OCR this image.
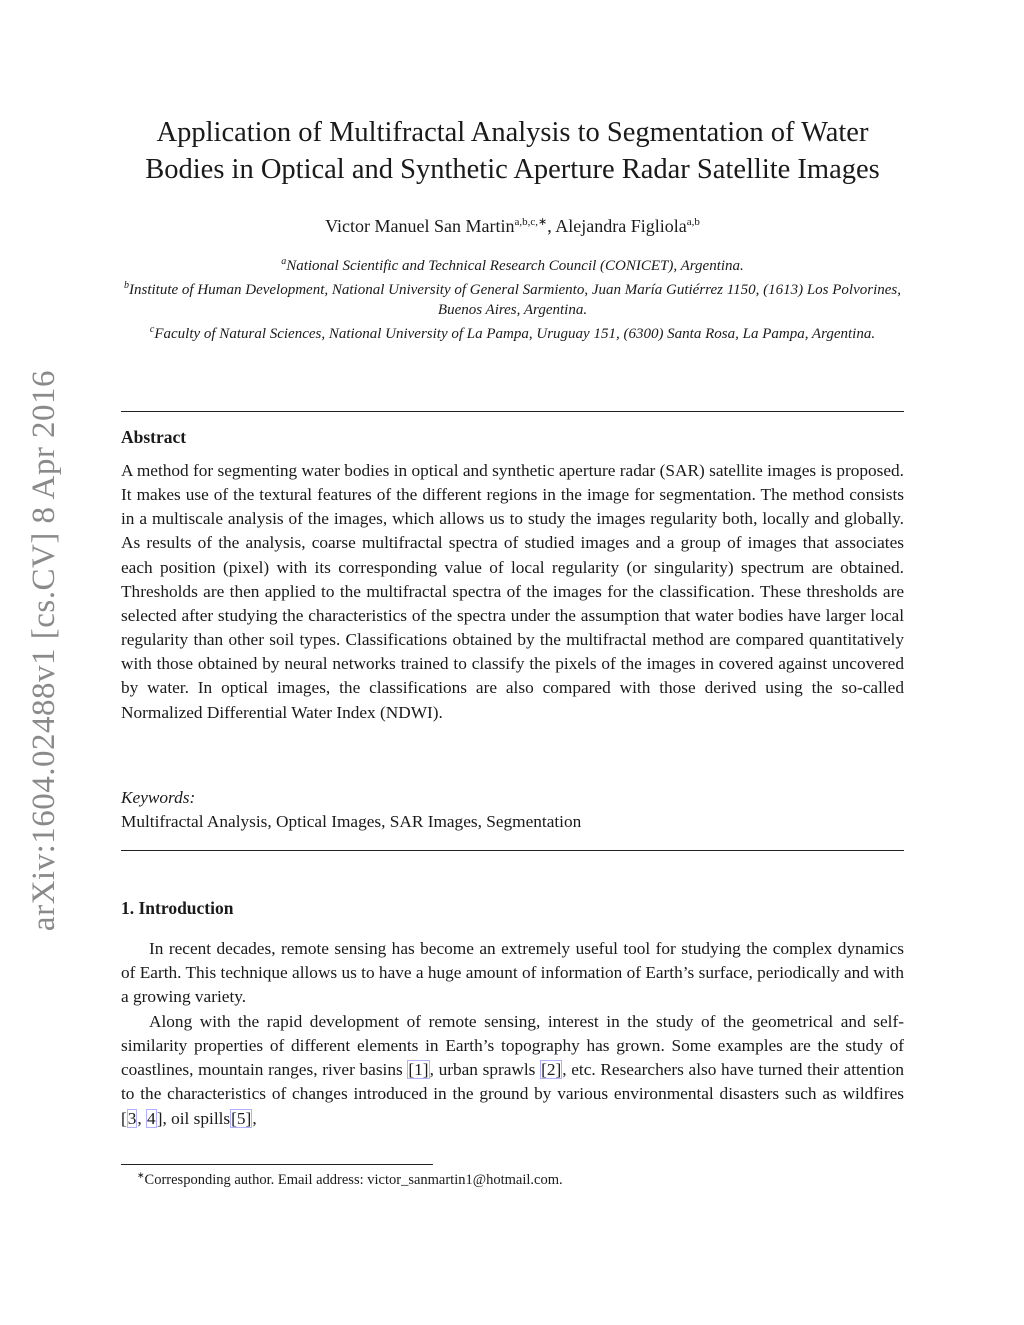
arXiv:1604.02488v1 [cs.CV] 8 Apr 2016
Application of Multifractal Analysis to Segmentation of Water
Bodies in Optical and Synthetic Aperture Radar Satellite Images
Victor Manuel San Martin$^{a,b,c,∗}$, Alejandra Figliola$^{a,b}$
$^a$National Scientific and Technical Research Council (CONICET), Argentina.
$^b$Institute of Human Development, National University of General Sarmiento, Juan María Gutiérrez 1150, (1613) Los Polvorines, Buenos Aires, Argentina.
$^c$Faculty of Natural Sciences, National University of La Pampa, Uruguay 151, (6300) Santa Rosa, La Pampa, Argentina.
Abstract
A method for segmenting water bodies in optical and synthetic aperture radar (SAR) satellite images is proposed. It makes use of the textural features of the different regions in the image for segmentation. The method consists in a multiscale analysis of the images, which allows us to study the images regularity both, locally and globally. As results of the analysis, coarse multifractal spectra of studied images and a group of images that associates each position (pixel) with its corresponding value of local regularity (or singularity) spectrum are obtained. Thresholds are then applied to the multifractal spectra of the images for the classification. These thresholds are selected after studying the characteristics of the spectra under the assumption that water bodies have larger local regularity than other soil types. Classifications obtained by the multifractal method are compared quantitatively with those obtained by neural networks trained to classify the pixels of the images in covered against uncovered by water. In optical images, the classifications are also compared with those derived using the so-called Normalized Differential Water Index (NDWI).
Keywords:
Multifractal Analysis, Optical Images, SAR Images, Segmentation
1. Introduction
In recent decades, remote sensing has become an extremely useful tool for studying the complex dynamics of Earth. This technique allows us to have a huge amount of information of Earth’s surface, periodically and with a growing variety.
Along with the rapid development of remote sensing, interest in the study of the geometrical and self-similarity properties of different elements in Earth’s topography has grown. Some examples are the study of coastlines, mountain ranges, river basins [1], urban sprawls [2], etc. Researchers also have turned their attention to the characteristics of changes introduced in the ground by various environmental disasters such as wildfires [3, 4], oil spills[5],
∗Corresponding author. Email address: victor_sanmartin1@hotmail.com.
